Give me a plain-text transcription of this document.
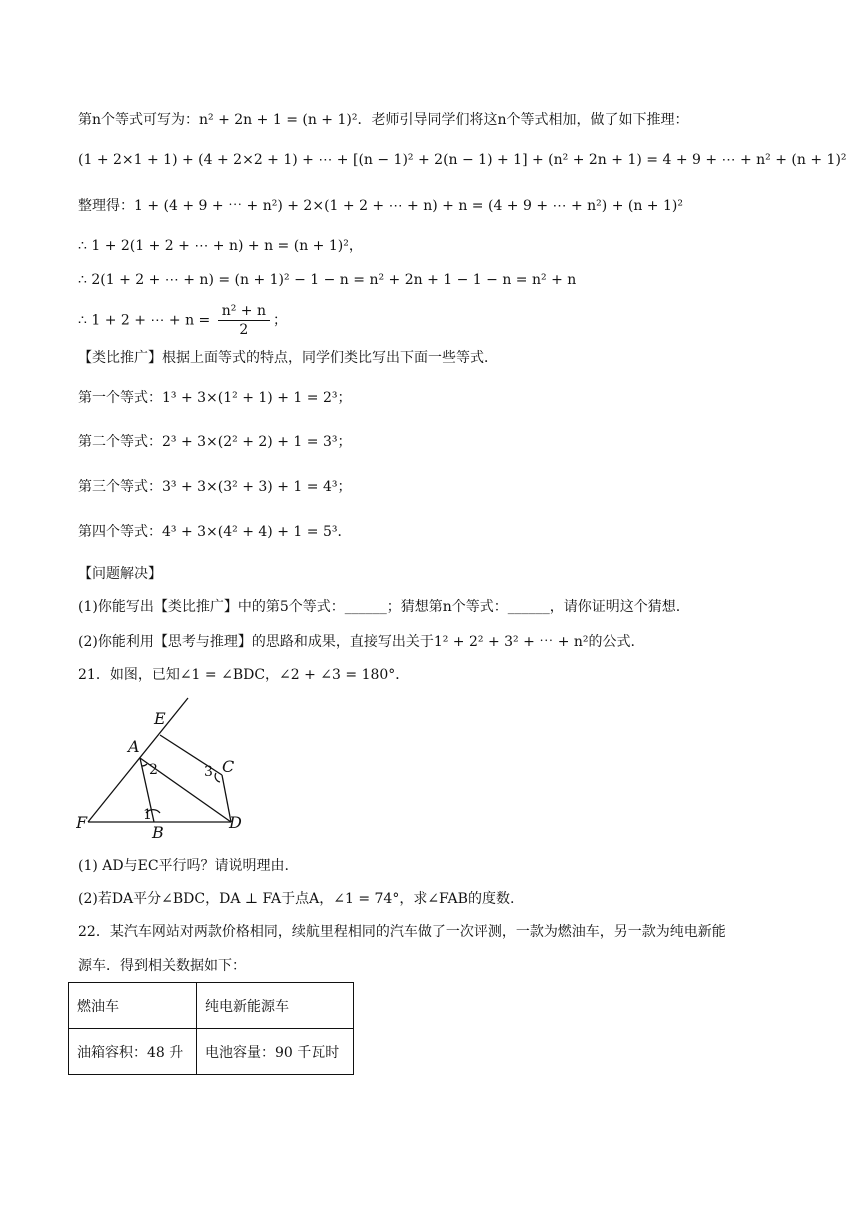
第n个等式可写为：n² + 2n + 1 = (n + 1)²．老师引导同学们将这n个等式相加，做了如下推理：
(1 + 2×1 + 1) + (4 + 2×2 + 1) + ⋯ + [(n − 1)² + 2(n − 1) + 1] + (n² + 2n + 1) = 4 + 9 + ⋯ + n² + (n + 1)²
整理得：1 + (4 + 9 + ⋯ + n²) + 2×(1 + 2 + ⋯ + n) + n = (4 + 9 + ⋯ + n²) + (n + 1)²
∴ 1 + 2(1 + 2 + ⋯ + n) + n = (n + 1)²，
∴ 2(1 + 2 + ⋯ + n) = (n + 1)² − 1 − n = n² + 2n + 1 − 1 − n = n² + n
∴ 1 + 2 + ⋯ + $n = \frac{\text{n² + n}}{2}$ ；
【类比推广】根据上面等式的特点，同学们类比写出下面一些等式．
第一个等式：1³ + 3×(1² + 1) + 1 = 2³；
第二个等式：2³ + 3×(2² + 2) + 1 = 3³；
第三个等式：3³ + 3×(3² + 3) + 1 = 4³；
第四个等式：4³ + 3×(4² + 4) + 1 = 5³．
【问题解决】
(1)你能写出【类比推广】中的第5个等式：______；猜想第n个等式：______，请你证明这个猜想.
(2)你能利用【思考与推理】的思路和成果，直接写出关于1² + 2² + 3² + ⋯ + n²的公式.
21．如图，已知∠1 = ∠BDC，∠2 + ∠3 = 180°．
E
A
C
F
B
D
1
2	3
(1) AD与EC平行吗？请说明理由.
(2)若DA平分∠BDC，DA ⊥ FA于点A，∠1 = 74°，求∠FAB的度数.
22．某汽车网站对两款价格相同，续航里程相同的汽车做了一次评测，一款为燃油车，另一款为纯电新能
源车．得到相关数据如下：
燃油车	纯电新能源车
油箱容积：48 升	电池容量：90 千瓦时
